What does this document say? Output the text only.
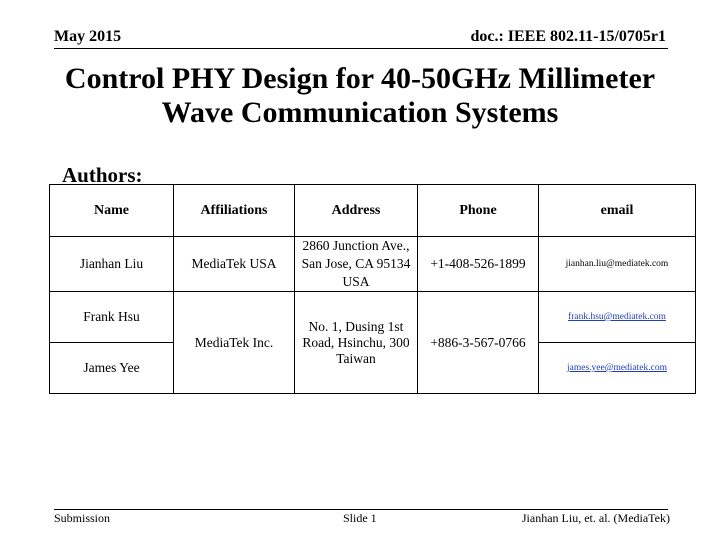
May 2015	doc.: IEEE 802.11-15/0705r1
Control PHY Design for 40-50GHz Millimeter
Wave Communication Systems
Authors:
Name	Affiliations	Address	Phone	email
Jianhan Liu	MediaTek USA	2860 Junction Ave., San Jose, CA 95134 USA	+1-408-526-1899	jianhan.liu@mediatek.com
Frank Hsu	MediaTek Inc.	No. 1, Dusing 1st Road, Hsinchu, 300 Taiwan	+886-3-567-0766	frank.hsu@mediatek.com
James Yee				james.yee@mediatek.com
Submission	Slide 1	Jianhan Liu, et. al. (MediaTek)
